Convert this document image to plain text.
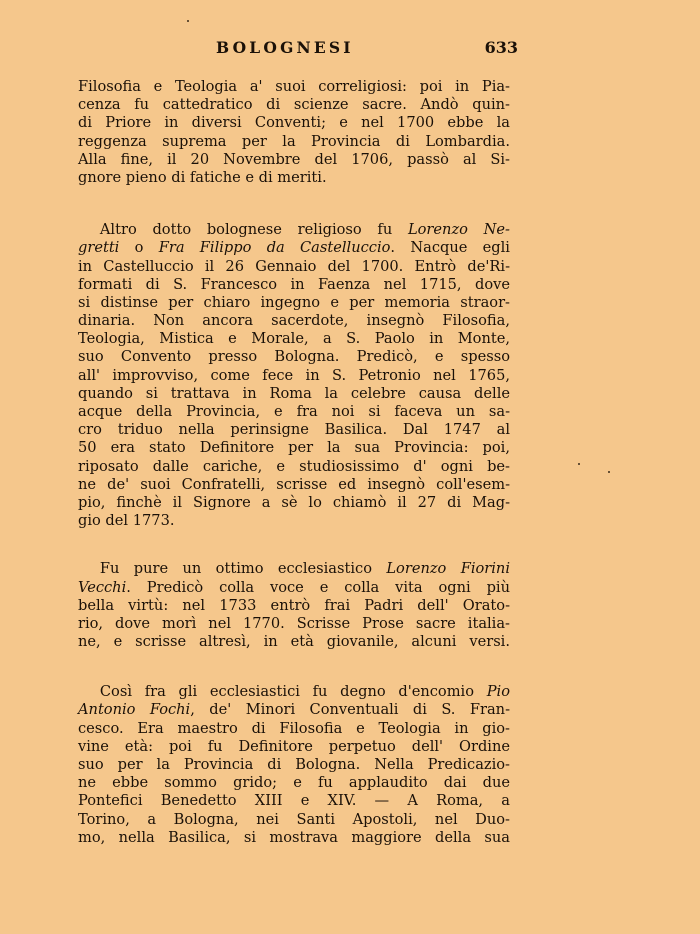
BOLOGNESI	633
Filosofia e Teologia a' suoi correligiosi: poi in Pia-
cenza fu cattedratico di scienze sacre. Andò quin-
di Priore in diversi Conventi; e nel 1700 ebbe la
reggenza suprema per la Provincia di Lombardia.
Alla fine, il 20 Novembre del 1706, passò al Si-
gnore pieno di fatiche e di meriti.
  Altro dotto bolognese religioso fu Lorenzo Ne-
gretti o Fra Filippo da Castelluccio. Nacque egli
in Castelluccio il 26 Gennaio del 1700. Entrò de'Ri-
formati di S. Francesco in Faenza nel 1715, dove
si distinse per chiaro ingegno e per memoria straor-
dinaria. Non ancora sacerdote, insegnò Filosofia,
Teologia, Mistica e Morale, a S. Paolo in Monte,
suo Convento presso Bologna. Predicò, e spesso
all' improvviso, come fece in S. Petronio nel 1765,
quando si trattava in Roma la celebre causa delle
acque della Provincia, e fra noi si faceva un sa-
cro triduo nella perinsigne Basilica. Dal 1747 al
50 era stato Definitore per la sua Provincia: poi,
riposato dalle cariche, e studiosissimo d' ogni be-
ne de' suoi Confratelli, scrisse ed insegnò coll'esem-
pio, finchè il Signore a sè lo chiamò il 27 di Mag-
gio del 1773.
  Fu pure un ottimo ecclesiastico Lorenzo Fiorini
Vecchi. Predicò colla voce e colla vita ogni più
bella virtù: nel 1733 entrò frai Padri dell' Orato-
rio, dove morì nel 1770. Scrisse Prose sacre italia-
ne, e scrisse altresì, in età giovanile, alcuni versi.
  Così fra gli ecclesiastici fu degno d'encomio Pio
Antonio Fochi, de' Minori Conventuali di S. Fran-
cesco. Era maestro di Filosofia e Teologia in gio-
vine età: poi fu Definitore perpetuo dell' Ordine
suo per la Provincia di Bologna. Nella Predicazio-
ne ebbe sommo grido; e fu applaudito dai due
Pontefici Benedetto XIII e XIV. — A Roma, a
Torino, a Bologna, nei Santi Apostoli, nel Duo-
mo, nella Basilica, si mostrava maggiore della sua
